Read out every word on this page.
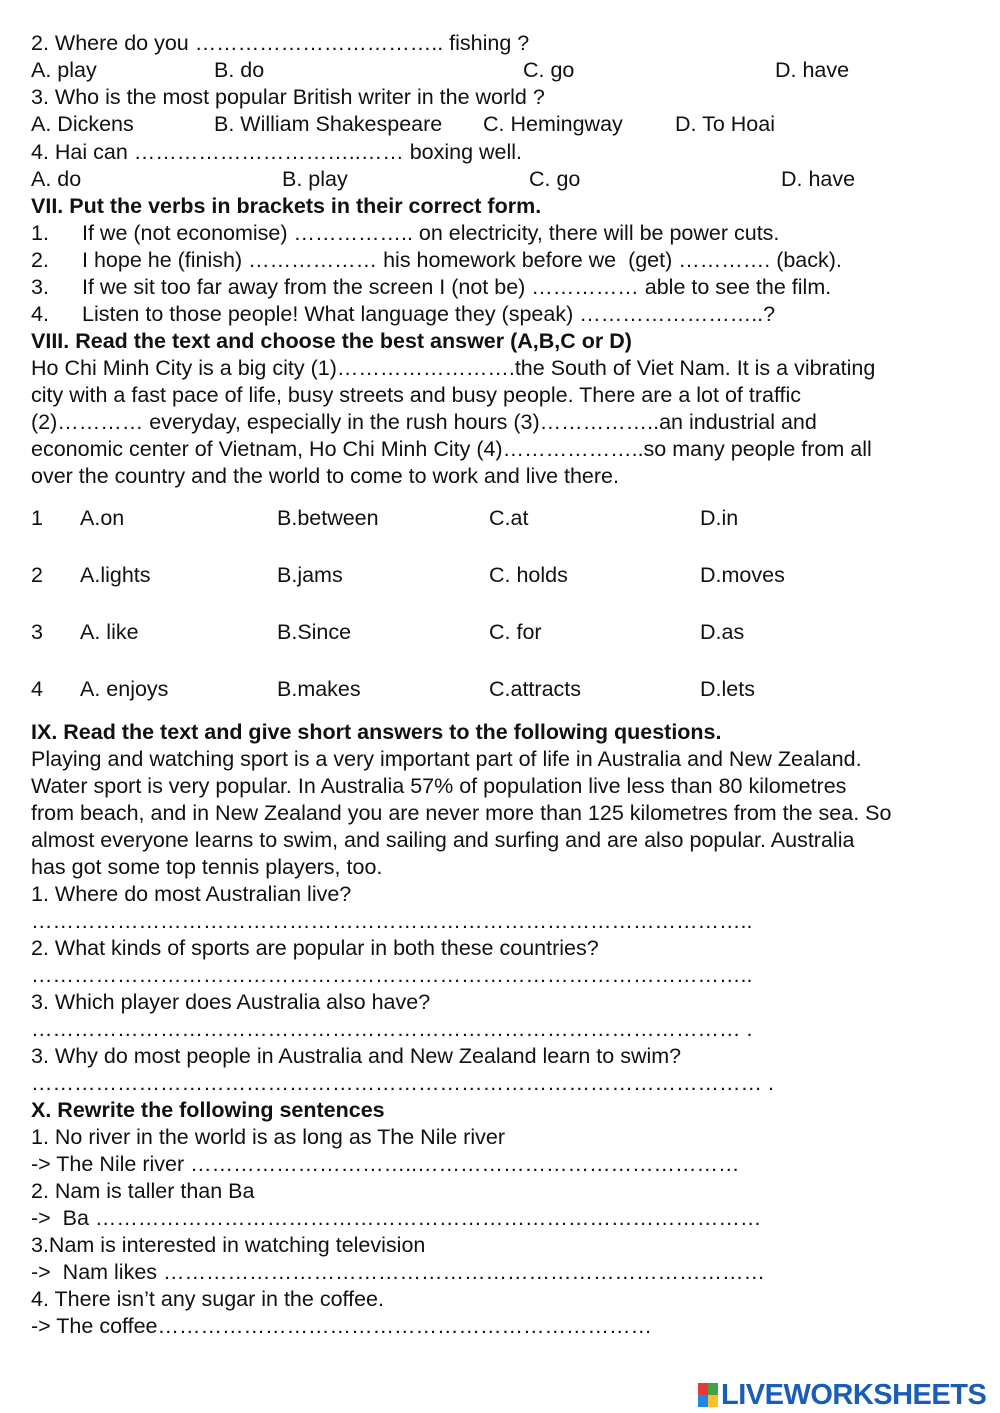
2. Where do you …………………………….. fishing ?
A. play	B. do	C. go	D. have
3. Who is the most popular British writer in the world ?
A. Dickens	B. William Shakespeare C. Hemingway D. To Hoai
4. Hai can …………………………..…… boxing well.
A. do	B. play	C. go	D. have
VII. Put the verbs in brackets in their correct form.
1. If we (not economise) …………….. on electricity, there will be power cuts.
2. I hope he (finish) ……………… his homework before we  (get) …………. (back).
3. If we sit too far away from the screen I (not be) …………… able to see the film.
4. Listen to those people! What language they (speak) ……………………..?
VIII. Read the text and choose the best answer (A,B,C or D)
Ho Chi Minh City is a big city (1)…………………….the South of Viet Nam. It is a vibrating
city with a fast pace of life, busy streets and busy people. There are a lot of traffic
(2)………… everyday, especially in the rush hours (3)……………..an industrial and
economic center of Vietnam, Ho Chi Minh City (4)………………..so many people from all
over the country and the world to come to work and live there.
1 A.on	B.between	C.at	D.in
2 A.lights	B.jams	C. holds	D.moves
3 A. like	B.Since	C. for	D.as
4 A. enjoys	B.makes	C.attracts	D.lets
IX. Read the text and give short answers to the following questions.
Playing and watching sport is a very important part of life in Australia and New Zealand.
Water sport is very popular. In Australia 57% of population live less than 80 kilometres
from beach, and in New Zealand you are never more than 125 kilometres from the sea. So
almost everyone learns to swim, and sailing and surfing and are also popular. Australia
has got some top tennis players, too.
1. Where do most Australian live?
………………………………………………………………………………………..
2. What kinds of sports are popular in both these countries?
………………………………………………………………………………………..
3. Which player does Australia also have?
……………………………………………………………………………………… .
3. Why do most people in Australia and New Zealand learn to swim?
………………………………………………………………………………………… .
X. Rewrite the following sentences
1. No river in the world is as long as The Nile river
-> The Nile river …………………………..………………………………………
2. Nam is taller than Ba
->  Ba …………………………………………………………………………………
3.Nam is interested in watching television
->  Nam likes …………………………………………………………………………
4. There isn’t any sugar in the coffee.
-> The coffee……………………………………………………………
LIVEWORKSHEETS
